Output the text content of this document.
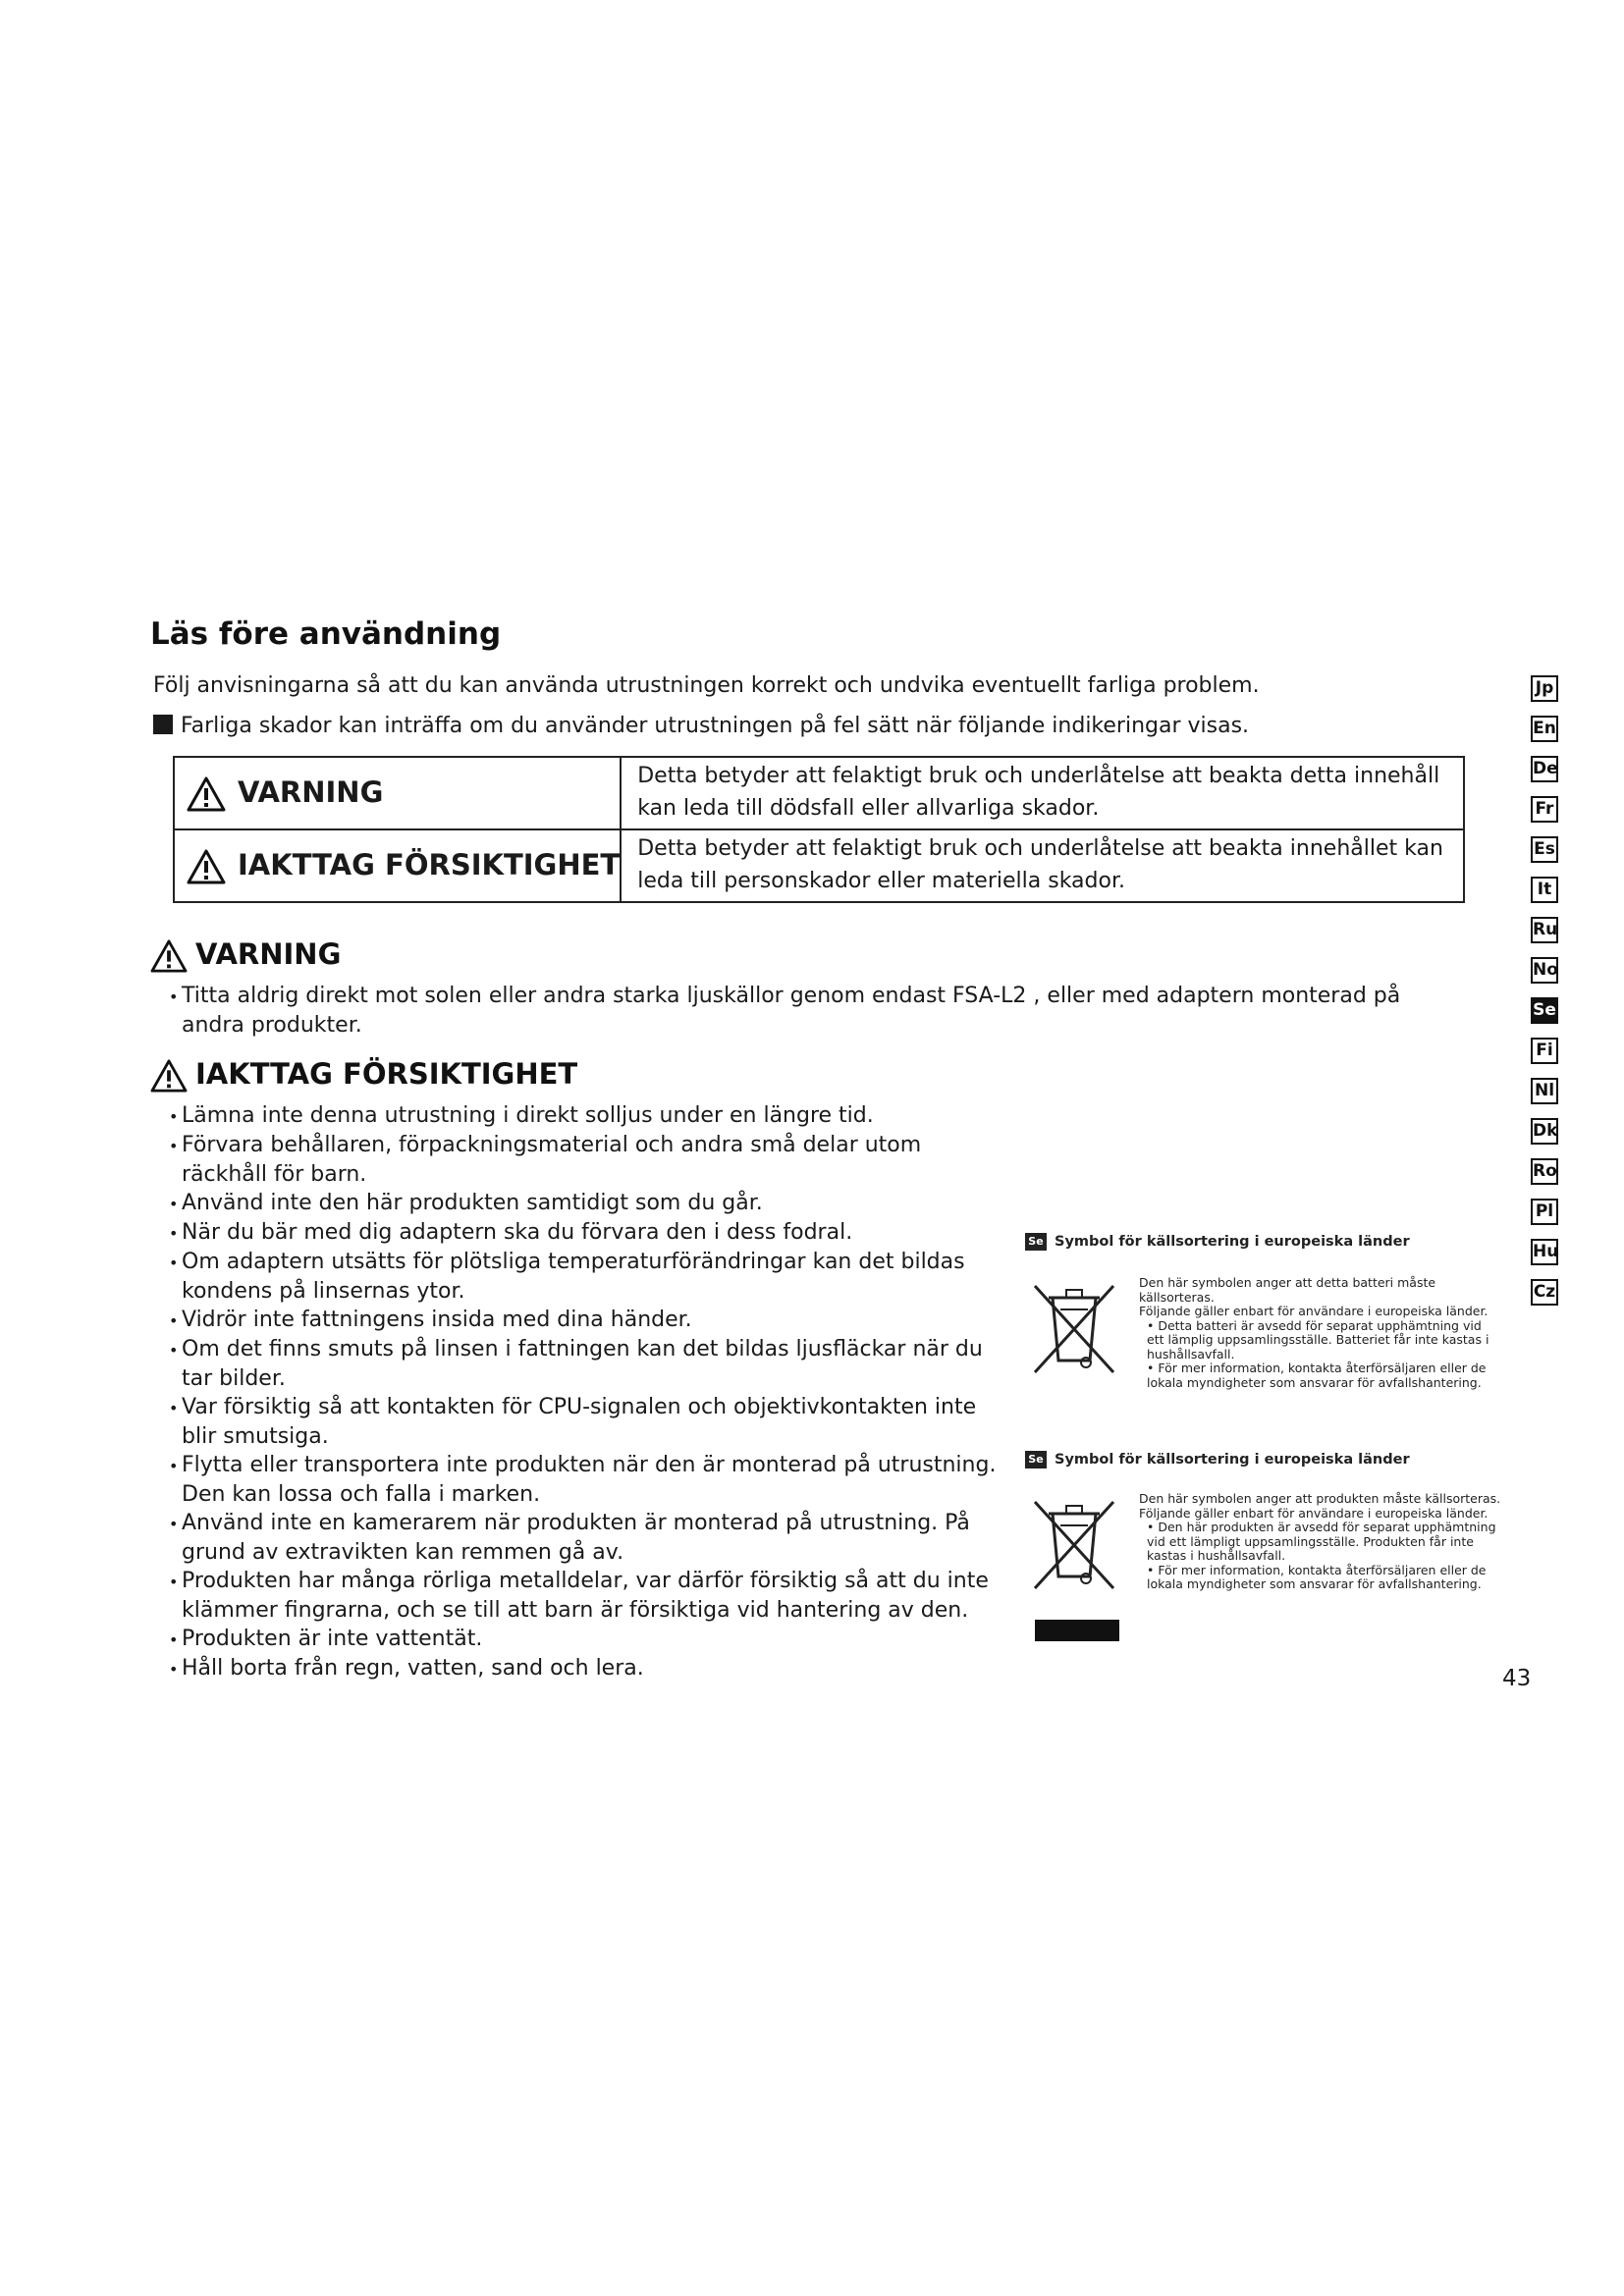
Läs före användning
Följ anvisningarna så att du kan använda utrustningen korrekt och undvika eventuellt farliga problem.
Farliga skador kan inträffa om du använder utrustningen på fel sätt när följande indikeringar visas.
VARNING	Detta betyder att felaktigt bruk och underlåtelse att beakta detta innehåll kan leda till dödsfall eller allvarliga skador.
IAKTTAG FÖRSIKTIGHET	Detta betyder att felaktigt bruk och underlåtelse att beakta innehållet kan leda till personskador eller materiella skador.
VARNING
• Titta aldrig direkt mot solen eller andra starka ljuskällor genom endast FSA-L2 , eller med adaptern monterad på andra produkter.
IAKTTAG FÖRSIKTIGHET
• Lämna inte denna utrustning i direkt solljus under en längre tid.
• Förvara behållaren, förpackningsmaterial och andra små delar utom räckhåll för barn.
• Använd inte den här produkten samtidigt som du går.
• När du bär med dig adaptern ska du förvara den i dess fodral.
• Om adaptern utsätts för plötsliga temperaturförändringar kan det bildas kondens på linsernas ytor.
• Vidrör inte fattningens insida med dina händer.
• Om det finns smuts på linsen i fattningen kan det bildas ljusfläckar när du tar bilder.
• Var försiktig så att kontakten för CPU-signalen och objektivkontakten inte blir smutsiga.
• Flytta eller transportera inte produkten när den är monterad på utrustning. Den kan lossa och falla i marken.
• Använd inte en kamerarem när produkten är monterad på utrustning. På grund av extravikten kan remmen gå av.
• Produkten har många rörliga metalldelar, var därför försiktig så att du inte klämmer fingrarna, och se till att barn är försiktiga vid hantering av den.
• Produkten är inte vattentät.
• Håll borta från regn, vatten, sand och lera.
Se Symbol för källsortering i europeiska länder
Den här symbolen anger att detta batteri måste källsorteras.
Följande gäller enbart för användare i europeiska länder.
• Detta batteri är avsedd för separat upphämtning vid ett lämplig uppsamlingsställe. Batteriet får inte kastas i hushållsavfall.
• För mer information, kontakta återförsäljaren eller de lokala myndigheter som ansvarar för avfallshantering.
Se Symbol för källsortering i europeiska länder
Den här symbolen anger att produkten måste källsorteras.
Följande gäller enbart för användare i europeiska länder.
• Den här produkten är avsedd för separat upphämtning vid ett lämpligt uppsamlingsställe. Produkten får inte kastas i hushållsavfall.
• För mer information, kontakta återförsäljaren eller de lokala myndigheter som ansvarar för avfallshantering.
43
Jp
En
De
Fr
Es
It
Ru
No
Se
Fi
Nl
Dk
Ro
Pl
Hu
Cz
